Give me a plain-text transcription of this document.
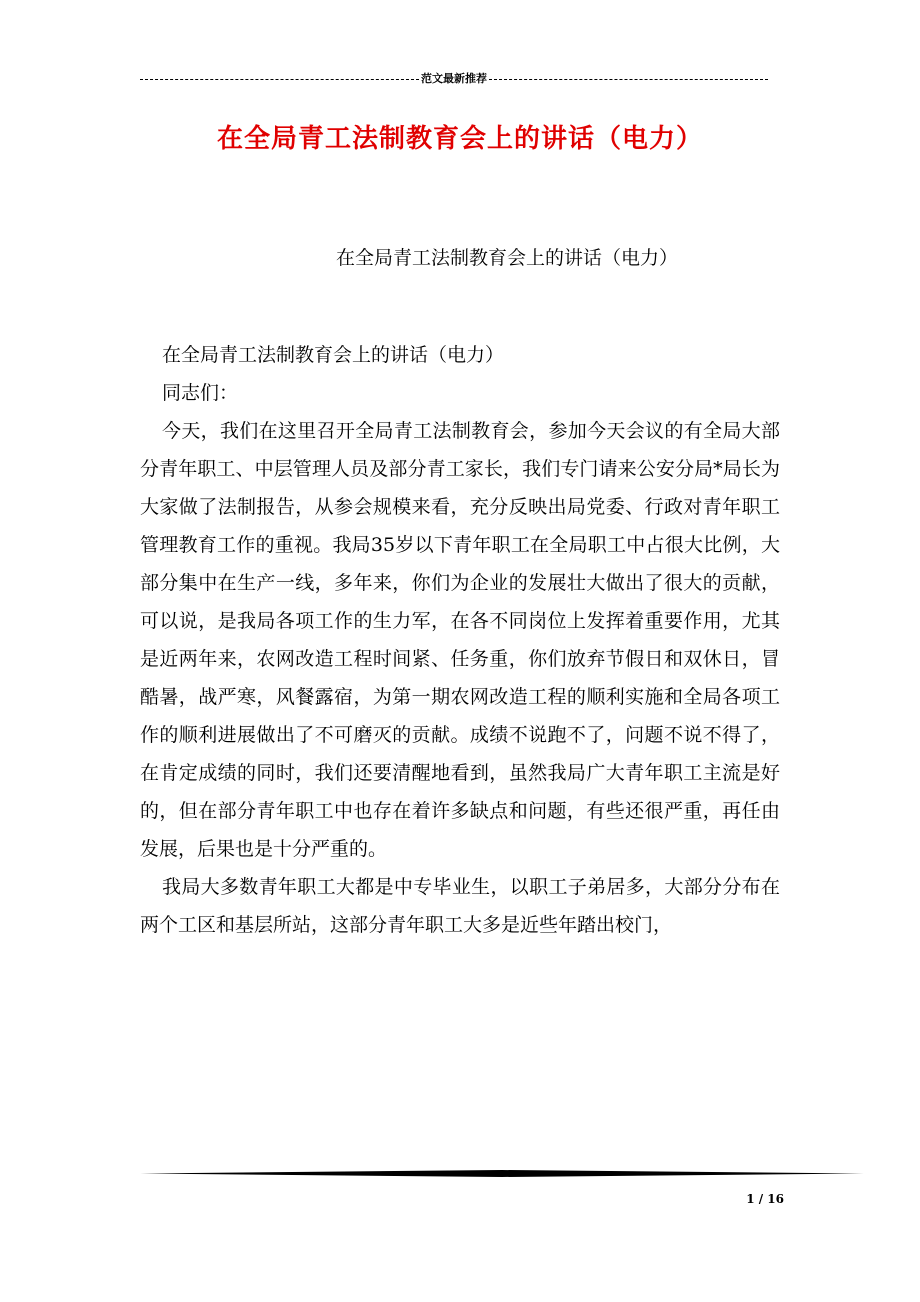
范文最新推荐
在全局青工法制教育会上的讲话（电力）
在全局青工法制教育会上的讲话（电力）

在全局青工法制教育会上的讲话（电力）

同志们：

今天，我们在这里召开全局青工法制教育会，参加今天会议的有全局大部分青年职工、中层管理人员及部分青工家长，我们专门请来公安分局*局长为大家做了法制报告，从参会规模来看，充分反映出局党委、行政对青年职工管理教育工作的重视。我局35岁以下青年职工在全局职工中占很大比例，大部分集中在生产一线，多年来，你们为企业的发展壮大做出了很大的贡献，可以说，是我局各项工作的生力军，在各不同岗位上发挥着重要作用，尤其是近两年来，农网改造工程时间紧、任务重，你们放弃节假日和双休日，冒酷暑，战严寒，风餐露宿，为第一期农网改造工程的顺利实施和全局各项工作的顺利进展做出了不可磨灭的贡献。成绩不说跑不了，问题不说不得了，在肯定成绩的同时，我们还要清醒地看到，虽然我局广大青年职工主流是好的，但在部分青年职工中也存在着许多缺点和问题，有些还很严重，再任由发展，后果也是十分严重的。

我局大多数青年职工大都是中专毕业生，以职工子弟居多，大部分分布在两个工区和基层所站，这部分青年职工大多是近些年踏出校门，

1 / 16
